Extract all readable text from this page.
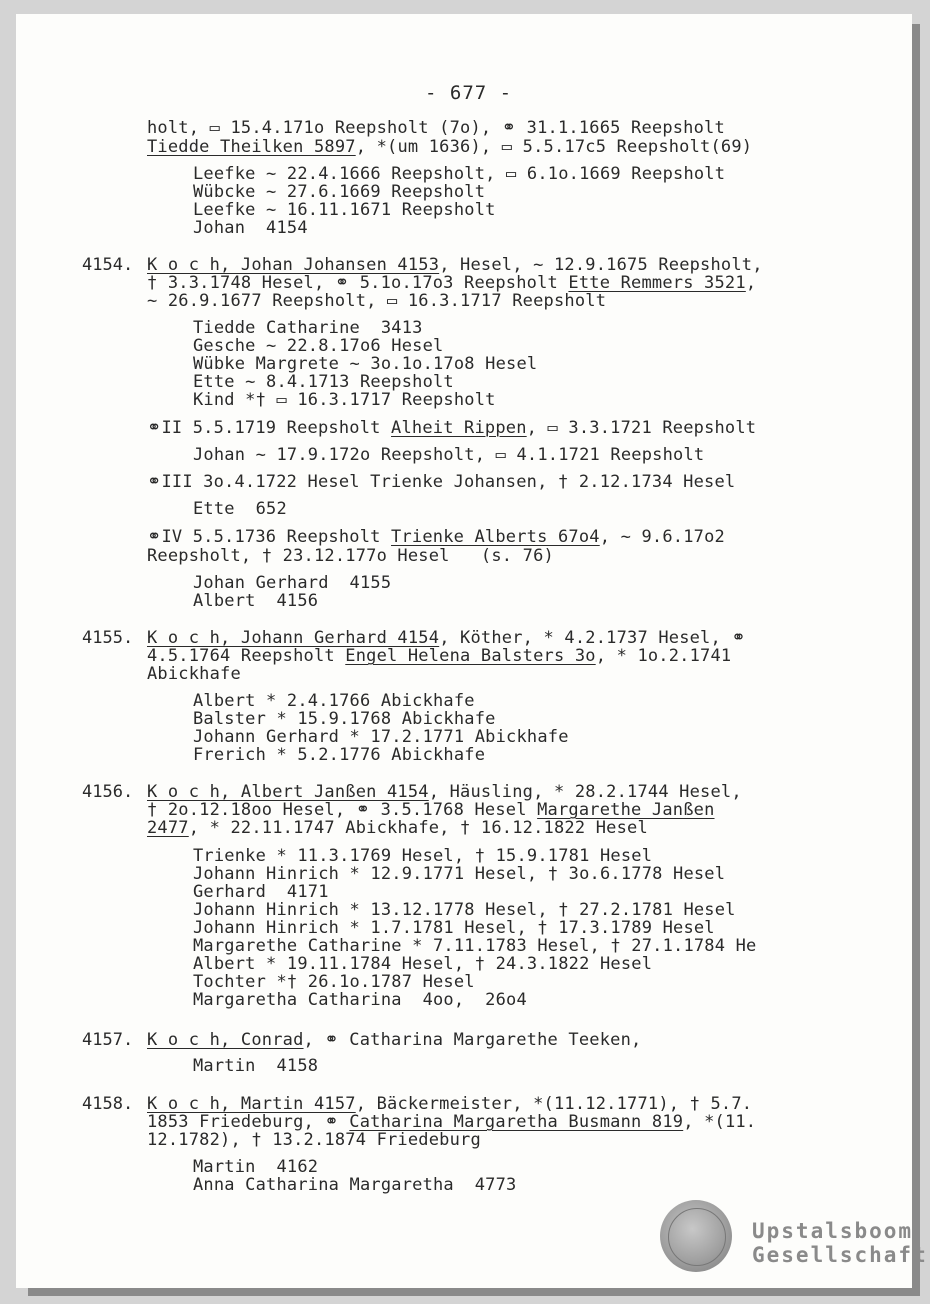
- 677 -
holt, ▭ 15.4.171o Reepsholt (7o), ⚭ 31.1.1665 Reepsholt
Tiedde Theilken 5897, *(um 1636), ▭ 5.5.17c5 Reepsholt(69)
Leefke ~ 22.4.1666 Reepsholt, ▭ 6.1o.1669 Reepsholt
Wübcke ~ 27.6.1669 Reepsholt
Leefke ~ 16.11.1671 Reepsholt
Johan  4154
4154. K o c h, Johan Johansen 4153, Hesel, ~ 12.9.1675 Reepsholt,
† 3.3.1748 Hesel, ⚭ 5.1o.17o3 Reepsholt Ette Remmers 3521,
~ 26.9.1677 Reepsholt, ▭ 16.3.1717 Reepsholt
Tiedde Catharine  3413
Gesche ~ 22.8.17o6 Hesel
Wübke Margrete ~ 3o.1o.17o8 Hesel
Ette ~ 8.4.1713 Reepsholt
Kind *† ▭ 16.3.1717 Reepsholt
⚭II 5.5.1719 Reepsholt Alheit Rippen, ▭ 3.3.1721 Reepsholt
Johan ~ 17.9.172o Reepsholt, ▭ 4.1.1721 Reepsholt
⚭III 3o.4.1722 Hesel Trienke Johansen, † 2.12.1734 Hesel
Ette  652
⚭IV 5.5.1736 Reepsholt Trienke Alberts 67o4, ~ 9.6.17o2
Reepsholt, † 23.12.177o Hesel   (s. 76)
Johan Gerhard  4155
Albert  4156
4155. K o c h, Johann Gerhard 4154, Köther, * 4.2.1737 Hesel, ⚭
4.5.1764 Reepsholt Engel Helena Balsters 3o, * 1o.2.1741
Abickhafe
Albert * 2.4.1766 Abickhafe
Balster * 15.9.1768 Abickhafe
Johann Gerhard * 17.2.1771 Abickhafe
Frerich * 5.2.1776 Abickhafe
4156. K o c h, Albert Janßen 4154, Häusling, * 28.2.1744 Hesel,
† 2o.12.18oo Hesel, ⚭ 3.5.1768 Hesel Margarethe Janßen
2477, * 22.11.1747 Abickhafe, † 16.12.1822 Hesel
Trienke * 11.3.1769 Hesel, † 15.9.1781 Hesel
Johann Hinrich * 12.9.1771 Hesel, † 3o.6.1778 Hesel
Gerhard  4171
Johann Hinrich * 13.12.1778 Hesel, † 27.2.1781 Hesel
Johann Hinrich * 1.7.1781 Hesel, † 17.3.1789 Hesel
Margarethe Catharine * 7.11.1783 Hesel, † 27.1.1784 He
Albert * 19.11.1784 Hesel, † 24.3.1822 Hesel
Tochter *† 26.1o.1787 Hesel
Margaretha Catharina  4oo,  26o4
4157. K o c h, Conrad, ⚭ Catharina Margarethe Teeken,
Martin  4158
4158. K o c h, Martin 4157, Bäckermeister, *(11.12.1771), † 5.7.
1853 Friedeburg, ⚭ Catharina Margaretha Busmann 819, *(11.
12.1782), † 13.2.1874 Friedeburg
Martin  4162
Anna Catharina Margaretha  4773
Upstalsboom
Gesellschaft
